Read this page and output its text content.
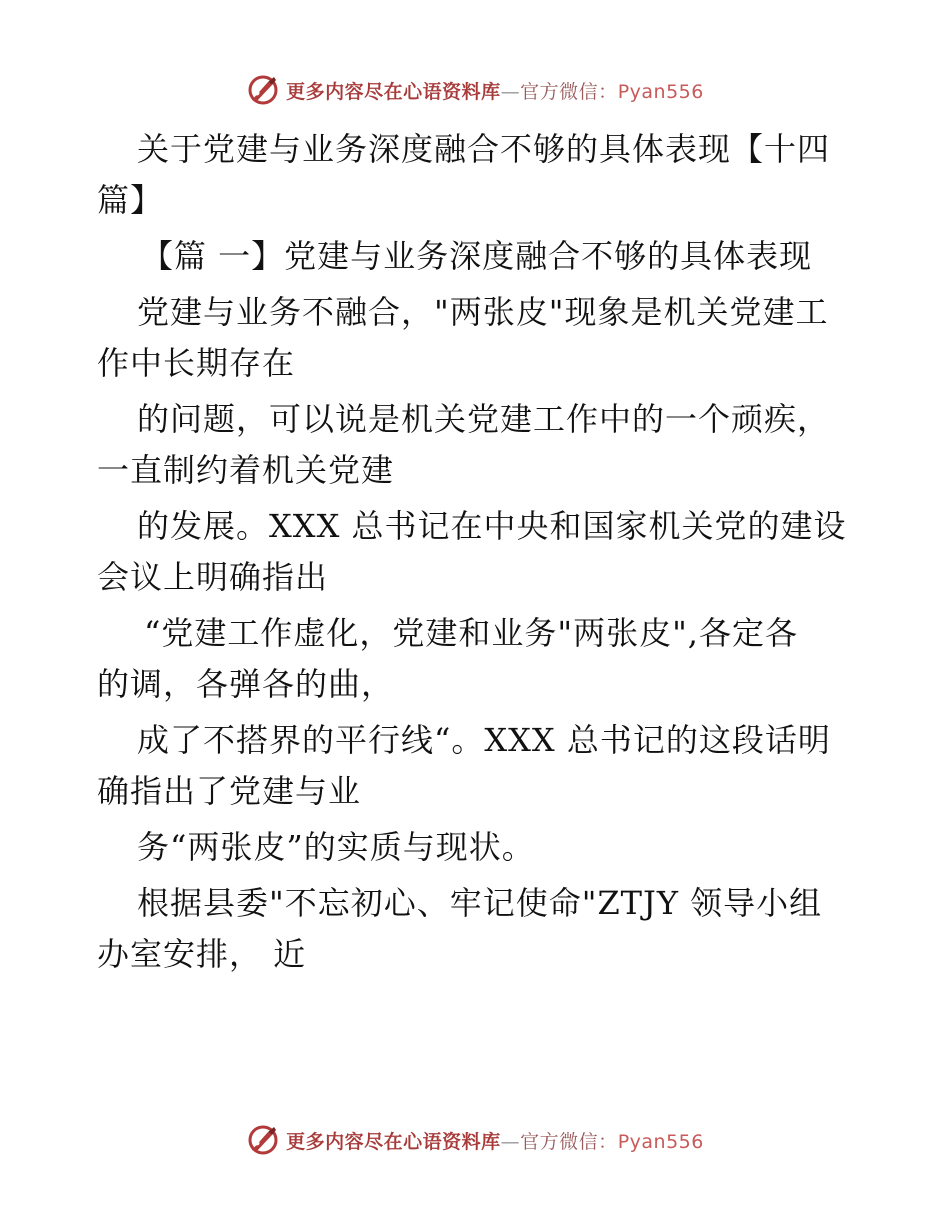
更多内容尽在心语资料库—官方微信：Pyan556
关于党建与业务深度融合不够的具体表现【十四
篇】
【篇 一】党建与业务深度融合不够的具体表现
党建与业务不融合，"两张皮"现象是机关党建工
作中长期存在
的问题，可以说是机关党建工作中的一个顽疾，
一直制约着机关党建
的发展。XXX 总书记在中央和国家机关党的建设
会议上明确指出
“党建工作虚化，党建和业务"两张皮",各定各
的调，各弹各的曲，
成了不搭界的平行线“。XXX 总书记的这段话明
确指出了党建与业
务“两张皮”的实质与现状。
根据县委"不忘初心、牢记使命"ZTJY 领导小组
办室安排， 近
更多内容尽在心语资料库—官方微信：Pyan556
